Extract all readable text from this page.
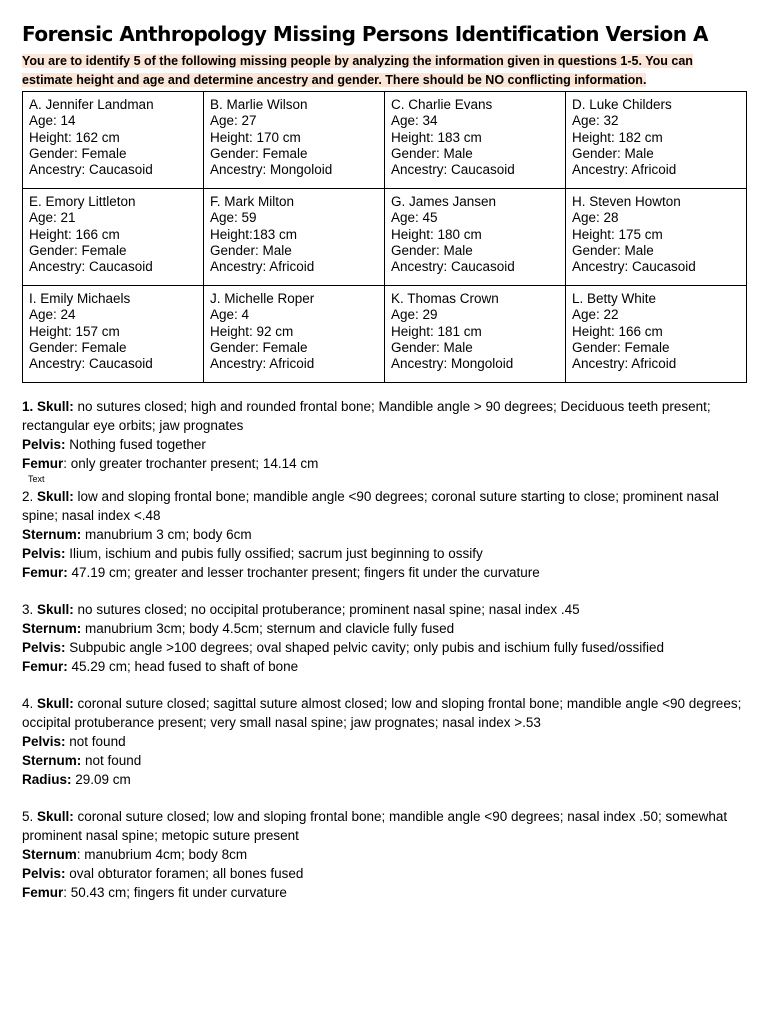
Forensic Anthropology Missing Persons Identification Version A
You are to identify 5 of the following missing people by analyzing the information given in questions 1-5. You can estimate height and age and determine ancestry and gender. There should be NO conflicting information.
A. Jennifer Landman
Age: 14
Height: 162 cm
Gender: Female
Ancestry: Caucasoid	B. Marlie Wilson
Age: 27
Height: 170 cm
Gender: Female
Ancestry: Mongoloid	C. Charlie Evans
Age: 34
Height: 183 cm
Gender: Male
Ancestry: Caucasoid	D. Luke Childers
Age: 32
Height: 182 cm
Gender: Male
Ancestry: Africoid

E. Emory Littleton
Age: 21
Height: 166 cm
Gender: Female
Ancestry: Caucasoid	F. Mark Milton
Age: 59
Height:183 cm
Gender: Male
Ancestry: Africoid	G. James Jansen
Age: 45
Height: 180 cm
Gender: Male
Ancestry: Caucasoid	H. Steven Howton
Age: 28
Height: 175 cm
Gender: Male
Ancestry: Caucasoid

I. Emily Michaels
Age: 24
Height: 157 cm
Gender: Female
Ancestry: Caucasoid	J. Michelle Roper
Age: 4
Height: 92 cm
Gender: Female
Ancestry: Africoid	K. Thomas Crown
Age: 29
Height: 181 cm
Gender: Male
Ancestry: Mongoloid	L. Betty White
Age: 22
Height: 166 cm
Gender: Female
Ancestry: Africoid
1. Skull: no sutures closed; high and rounded frontal bone; Mandible angle > 90 degrees; Deciduous teeth present; rectangular eye orbits; jaw prognates
Pelvis: Nothing fused together
Femur: only greater trochanter present; 14.14 cm
Text
2. Skull: low and sloping frontal bone; mandible angle <90 degrees; coronal suture starting to close; prominent nasal spine; nasal index <.48
Sternum: manubrium 3 cm; body 6cm
Pelvis: Ilium, ischium and pubis fully ossified; sacrum just beginning to ossify
Femur: 47.19 cm; greater and lesser trochanter present; fingers fit under the curvature
3. Skull: no sutures closed; no occipital protuberance; prominent nasal spine; nasal index .45
Sternum: manubrium 3cm; body 4.5cm; sternum and clavicle fully fused
Pelvis: Subpubic angle >100 degrees; oval shaped pelvic cavity; only pubis and ischium fully fused/ossified
Femur: 45.29 cm; head fused to shaft of bone
4. Skull: coronal suture closed; sagittal suture almost closed; low and sloping frontal bone; mandible angle <90 degrees; occipital protuberance present; very small nasal spine; jaw prognates; nasal index >.53
Pelvis: not found
Sternum: not found
Radius: 29.09 cm
5. Skull: coronal suture closed; low and sloping frontal bone; mandible angle <90 degrees; nasal index .50; somewhat prominent nasal spine; metopic suture present
Sternum: manubrium 4cm; body 8cm
Pelvis: oval obturator foramen; all bones fused
Femur: 50.43 cm; fingers fit under curvature
